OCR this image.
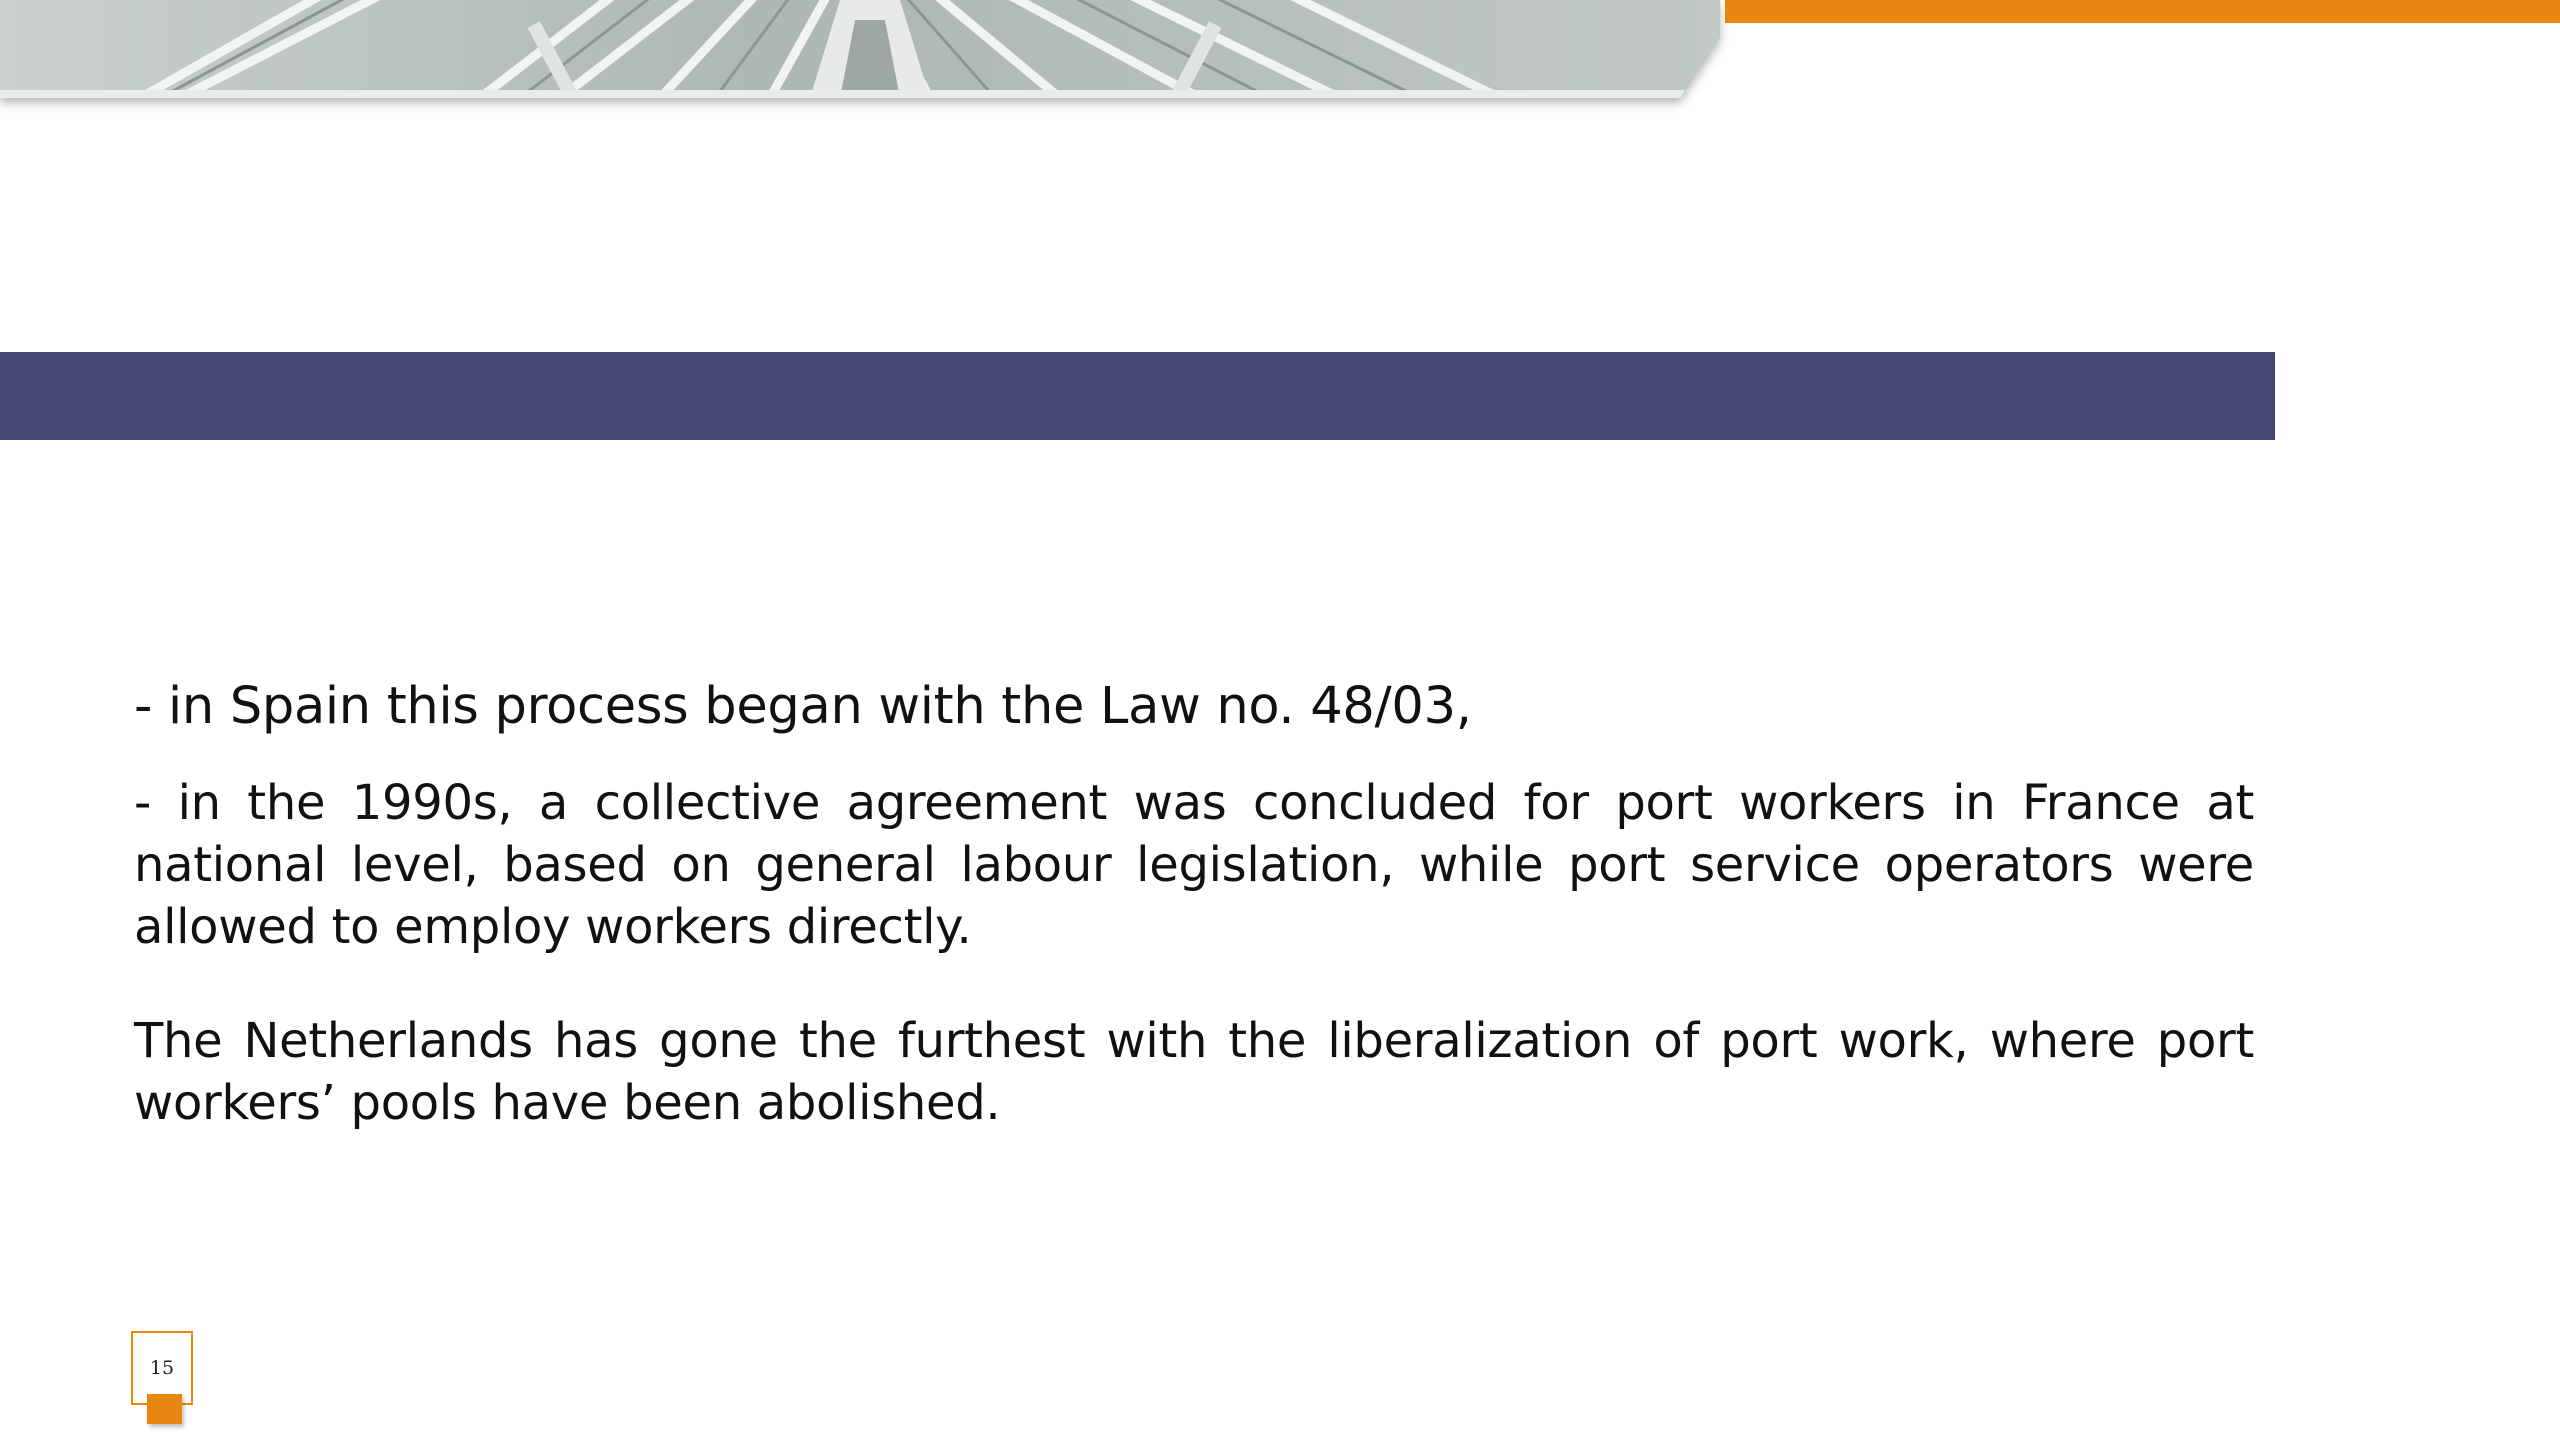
- in Spain this process began with the Law no. 48/03,

- in the 1990s, a collective agreement was concluded for port workers in France at national level, based on general labour legislation, while port service operators were allowed to employ workers directly.

The Netherlands has gone the furthest with the liberalization of port work, where port workers’ pools have been abolished.

15
